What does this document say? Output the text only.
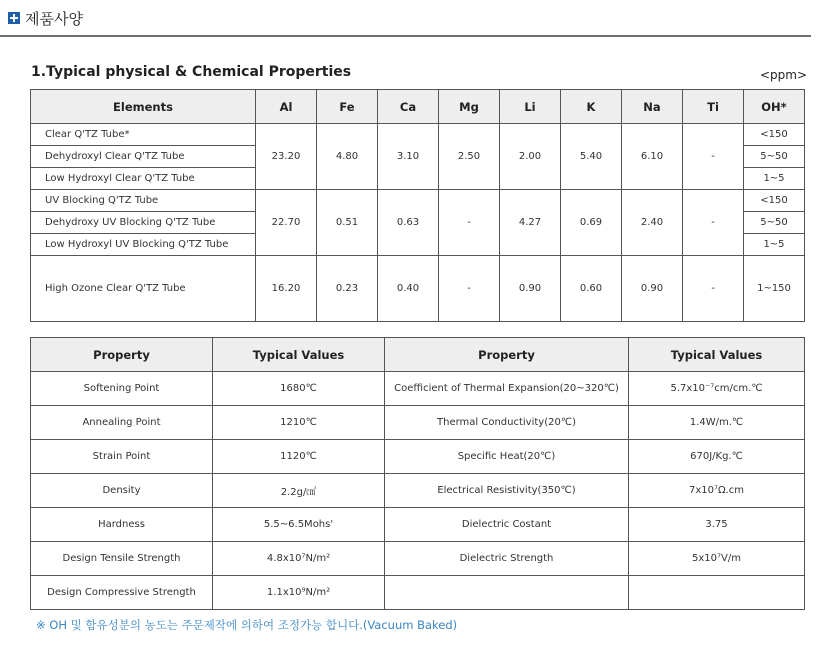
제품사양
1.Typical physical & Chemical Properties	<ppm>
Elements	Al	Fe	Ca	Mg	Li	K	Na	Ti	OH*
Clear Q'TZ Tube*	23.20	4.80	3.10	2.50	2.00	5.40	6.10	-	<150
Dehydroxyl Clear Q'TZ Tube									5~50
Low Hydroxyl Clear Q'TZ Tube									1~5
UV Blocking Q'TZ Tube	22.70	0.51	0.63	-	4.27	0.69	2.40	-	<150
Dehydroxy UV Blocking Q'TZ Tube									5~50
Low Hydroxyl UV Blocking Q'TZ Tube									1~5
High Ozone Clear Q'TZ Tube	16.20	0.23	0.40	-	0.90	0.60	0.90	-	1~150
Property	Typical Values	Property	Typical Values
Softening Point	1680℃	Coefficient of Thermal Expansion(20~320℃)	5.7x10⁻⁷cm/cm.℃
Annealing Point	1210℃	Thermal Conductivity(20℃)	1.4W/m.℃
Strain Point	1120℃	Specific Heat(20℃)	670J/Kg.℃
Density	2.2g/㎤	Electrical Resistivity(350℃)	7x10⁷Ω.cm
Hardness	5.5~6.5Mohs'	Dielectric Costant	3.75
Design Tensile Strength	4.8x10⁷N/m²	Dielectric Strength	5x10⁷V/m
Design Compressive Strength	1.1x10⁹N/m²		
※ OH 및 함유성분의 농도는 주문제작에 의하여 조정가능 합니다.(Vacuum Baked)
